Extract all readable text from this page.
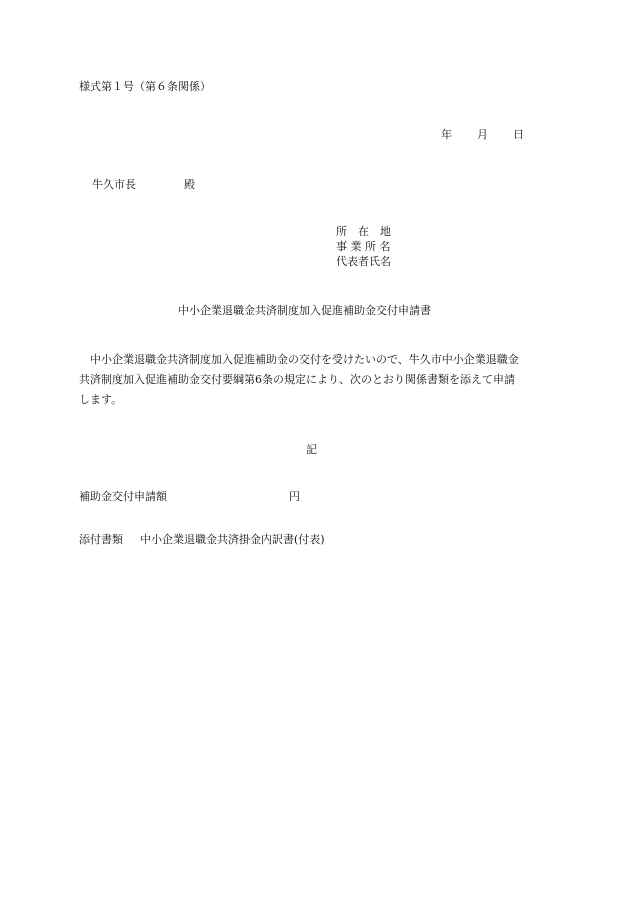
様式第１号（第６条関係）
年 月 日
牛久市長	殿
所　在　地
事 業 所 名
代表者氏名
中小企業退職金共済制度加入促進補助金交付申請書
　中小企業退職金共済制度加入促進補助金の交付を受けたいので、牛久市中小企業退職金
共済制度加入促進補助金交付要綱第6条の規定により、次のとおり関係書類を添えて申請
します。
記
補助金交付申請額	円
添付書類 中小企業退職金共済掛金内訳書(付表)
